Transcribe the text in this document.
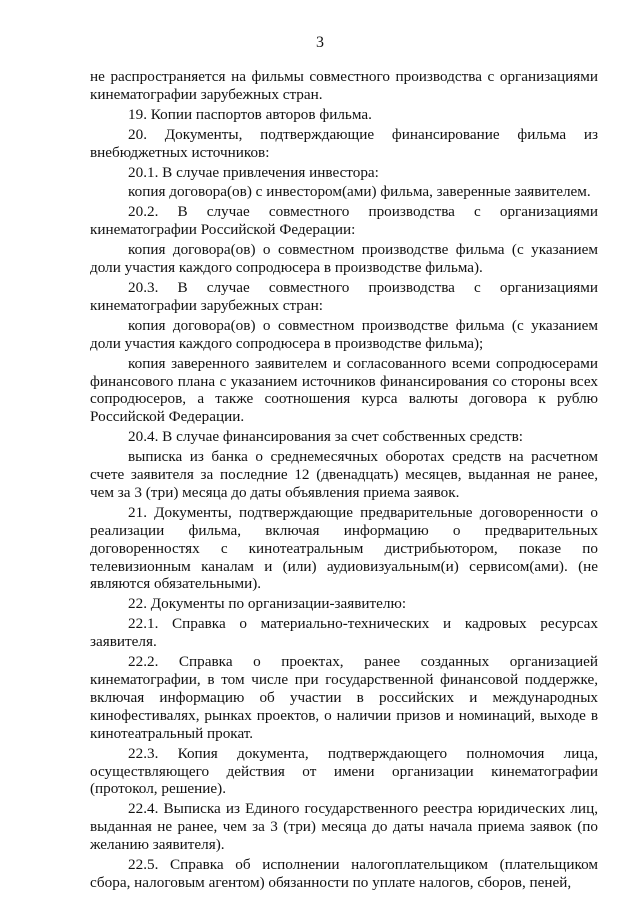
3

не распространяется на фильмы совместного производства с организациями кинематографии зарубежных стран.

19. Копии паспортов авторов фильма.

20. Документы, подтверждающие финансирование фильма из внебюджетных источников:

20.1. В случае привлечения инвестора:

копия договора(ов) с инвестором(ами) фильма, заверенные заявителем.

20.2. В случае совместного производства с организациями кинематографии Российской Федерации:

копия договора(ов) о совместном производстве фильма (с указанием доли участия каждого сопродюсера в производстве фильма).

20.3. В случае совместного производства с организациями кинематографии зарубежных стран:

копия договора(ов) о совместном производстве фильма (с указанием доли участия каждого сопродюсера в производстве фильма);

копия заверенного заявителем и согласованного всеми сопродюсерами финансового плана с указанием источников финансирования со стороны всех сопродюсеров, а также соотношения курса валюты договора к рублю Российской Федерации.

20.4. В случае финансирования за счет собственных средств:

выписка из банка о среднемесячных оборотах средств на расчетном счете заявителя за последние 12 (двенадцать) месяцев, выданная не ранее, чем за 3 (три) месяца до даты объявления приема заявок.

21. Документы, подтверждающие предварительные договоренности о реализации фильма, включая информацию о предварительных договоренностях с кинотеатральным дистрибьютором, показе по телевизионным каналам и (или) аудиовизуальным(и) сервисом(ами). (не являются обязательными).

22. Документы по организации-заявителю:

22.1. Справка о материально-технических и кадровых ресурсах заявителя.

22.2. Справка о проектах, ранее созданных организацией кинематографии, в том числе при государственной финансовой поддержке, включая информацию об участии в российских и международных кинофестивалях, рынках проектов, о наличии призов и номинаций, выходе в кинотеатральный прокат.

22.3. Копия документа, подтверждающего полномочия лица, осуществляющего действия от имени организации кинематографии (протокол, решение).

22.4. Выписка из Единого государственного реестра юридических лиц, выданная не ранее, чем за 3 (три) месяца до даты начала приема заявок (по желанию заявителя).

22.5. Справка об исполнении налогоплательщиком (плательщиком сбора, налоговым агентом) обязанности по уплате налогов, сборов, пеней,
